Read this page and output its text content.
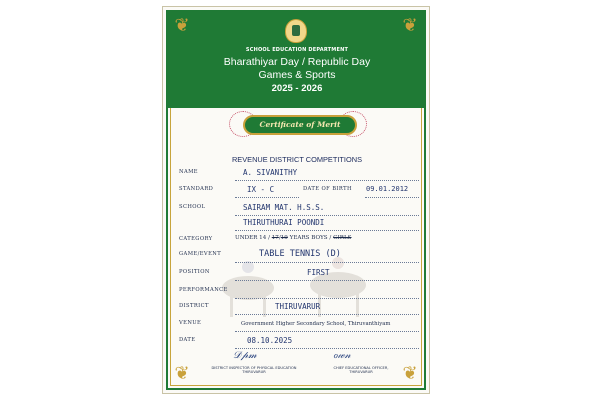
❦	❦
❦	❦
SCHOOL EDUCATION DEPARTMENT
Bharathiyar Day / Republic Day
Games & Sports
2025 - 2026
Certificate of Merit
REVENUE DISTRICT COMPETITIONS
NAME	A. SIVANITHY
STANDARD	IX - C	DATE OF BIRTH 09.01.2012
SCHOOL	SAIRAM MAT. H.S.S.
THIRUTHURAI POONDI
CATEGORY	UNDER 14 / 17/19 YEARS BOYS / GIRLS
GAME/EVENT	TABLE TENNIS (D)
POSITION	FIRST
PERFORMANCE
DISTRICT	THIRUVARUR
VENUE	Government Higher Secondary School, Thiruvanthiyam
DATE	08.10.2025
𝒟𝓅𝓂
DISTRICT INSPECTOR OF PHYSICAL EDUCATION
THIRUVARUR
ℴ𝓌𝓃
CHIEF EDUCATIONAL OFFICER,
THIRUVARUR
